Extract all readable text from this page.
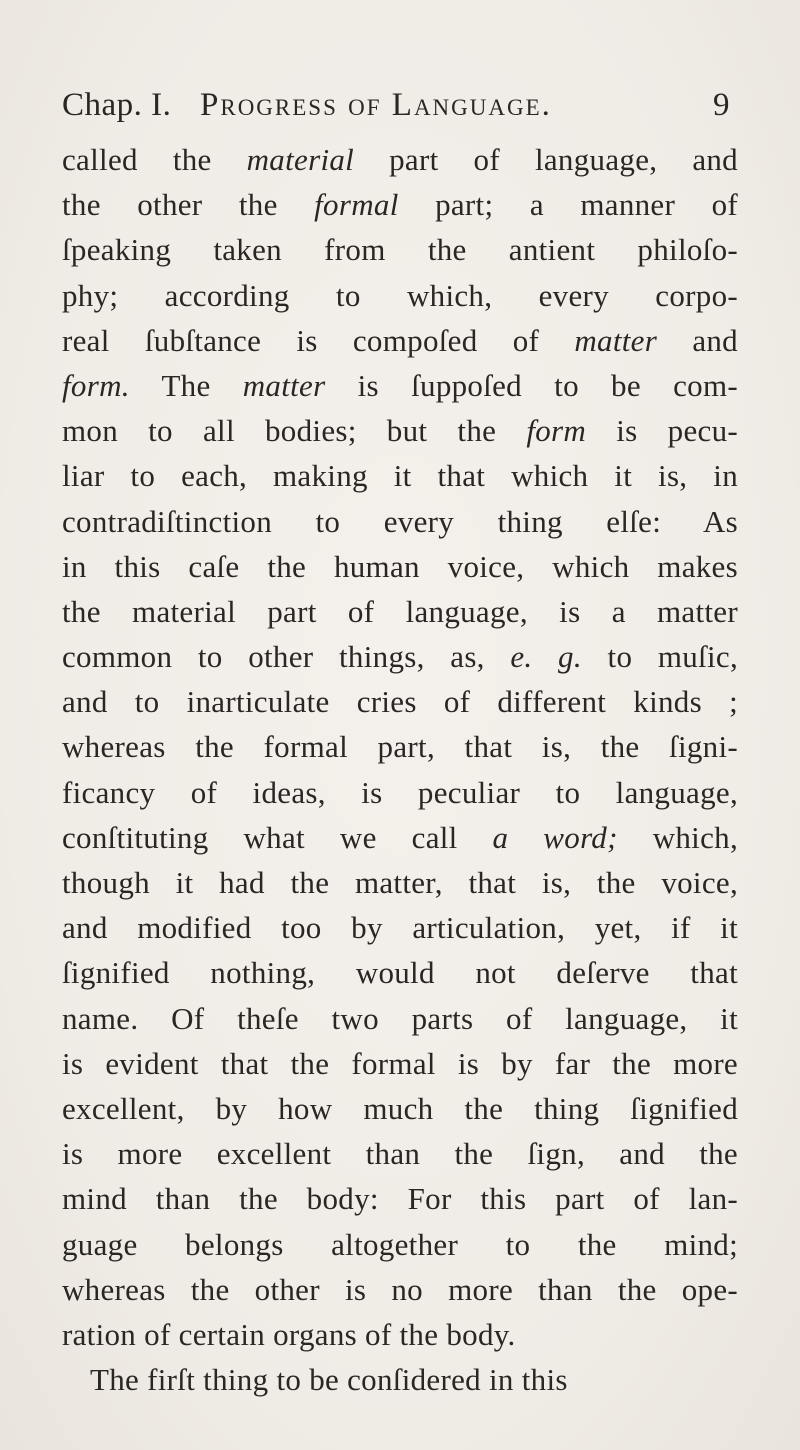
Chap. I. Progress of Language.	9
called the material part of language, and
the other the formal part; a manner of
ſpeaking taken from the antient philoſo-
phy; according to which, every corpo-
real ſubſtance is compoſed of matter and
form. The matter is ſuppoſed to be com-
mon to all bodies; but the form is pecu-
liar to each, making it that which it is, in
contradiſtinction to every thing elſe: As
in this caſe the human voice, which makes
the material part of language, is a matter
common to other things, as, e. g. to muſic,
and to inarticulate cries of different kinds ;
whereas the formal part, that is, the ſigni-
ficancy of ideas, is peculiar to language,
conſtituting what we call a word; which,
though it had the matter, that is, the voice,
and modified too by articulation, yet, if it
ſignified nothing, would not deſerve that
name. Of theſe two parts of language, it
is evident that the formal is by far the more
excellent, by how much the thing ſignified
is more excellent than the ſign, and the
mind than the body: For this part of lan-
guage belongs altogether to the mind;
whereas the other is no more than the ope-
ration of certain organs of the body.
The firſt thing to be conſidered in this
